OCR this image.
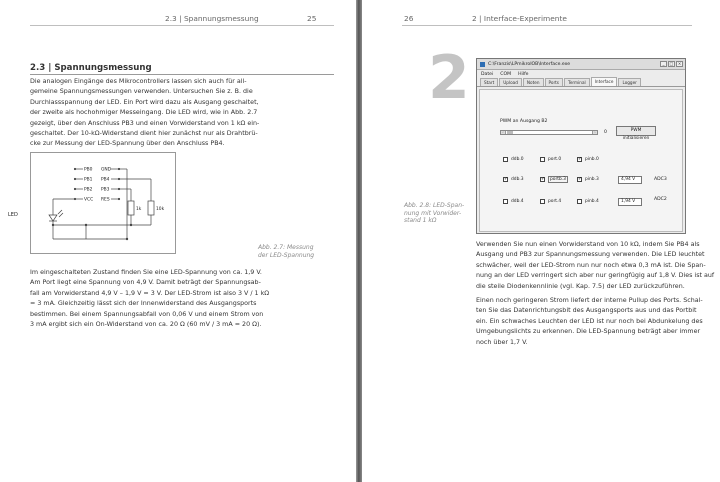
2.3 | Spannungsmessung	25
2.3 | Spannungsmessung

Die analogen Eingänge des Mikrocontrollers lassen sich auch für all-

gemeine Spannungsmessungen verwenden. Untersuchen Sie z. B. die

Durchlassspannung der LED. Ein Port wird dazu als Ausgang geschaltet,

der zweite als hochohmiger Messeingang. Die LED wird, wie in Abb. 2.7

gezeigt, über den Anschluss PB3 und einen Vorwiderstand von 1 kΩ ein-

geschaltet. Der 10-kΩ-Widerstand dient hier zunächst nur als Drahtbrü-

cke zur Messung der LED-Spannung über den Anschluss PB4.

PB0
PB1
PB2
VCC
GND
PB4
PB3
RES
1k	10k
LED
Abb. 2.7: Messung
der LED-Spannung

Im eingeschalteten Zustand finden Sie eine LED-Spannung von ca. 1,9 V.

Am Port liegt eine Spannung von 4,9 V. Damit beträgt der Spannungsab-

fall am Vorwiderstand 4,9 V – 1,9 V = 3 V. Der LED-Strom ist also 3 V / 1 kΩ

= 3 mA. Gleichzeitig lässt sich der Innenwiderstand des Ausgangsports

bestimmen. Bei einem Spannungsabfall von 0,06 V und einem Strom von

3 mA ergibt sich ein On-Widerstand von ca. 20 Ω (60 mV / 3 mA = 20 Ω).

26	2 | Interface-Experimente
2
Abb. 2.8: LED-Span-
nung mit Vorwider-
stand 1 kΩ
C:\Franzis\LPmikroIOB\Interface.exe	_	□	×
Datei COM Hilfe
Start	Upload	Noten	Ports	Terminal	Interface	Logger
PWM an Ausgang B2
‹	›	0	PWM initialisieren
ddb.0	port.0	✓ pinb.0
✓ ddb.3	✓	portb.3	✓ pinb.3	4,94 V	ADC3
ddb.4	port.4	pinb.4	1,94 V	ADC2

Verwenden Sie nun einen Vorwiderstand von 10 kΩ, indem Sie PB4 als

Ausgang und PB3 zur Spannungsmessung verwenden. Die LED leuchtet

schwächer, weil der LED-Strom nun nur noch etwa 0,3 mA ist. Die Span-

nung an der LED verringert sich aber nur geringfügig auf 1,8 V. Dies ist auf

die steile Diodenkennlinie (vgl. Kap. 7.5) der LED zurückzuführen.

Einen noch geringeren Strom liefert der interne Pullup des Ports. Schal-

ten Sie das Datenrichtungsbit des Ausgangsports aus und das Portbit

ein. Ein schwaches Leuchten der LED ist nur noch bei Abdunkelung des

Umgebungslichts zu erkennen. Die LED-Spannung beträgt aber immer

noch über 1,7 V.
